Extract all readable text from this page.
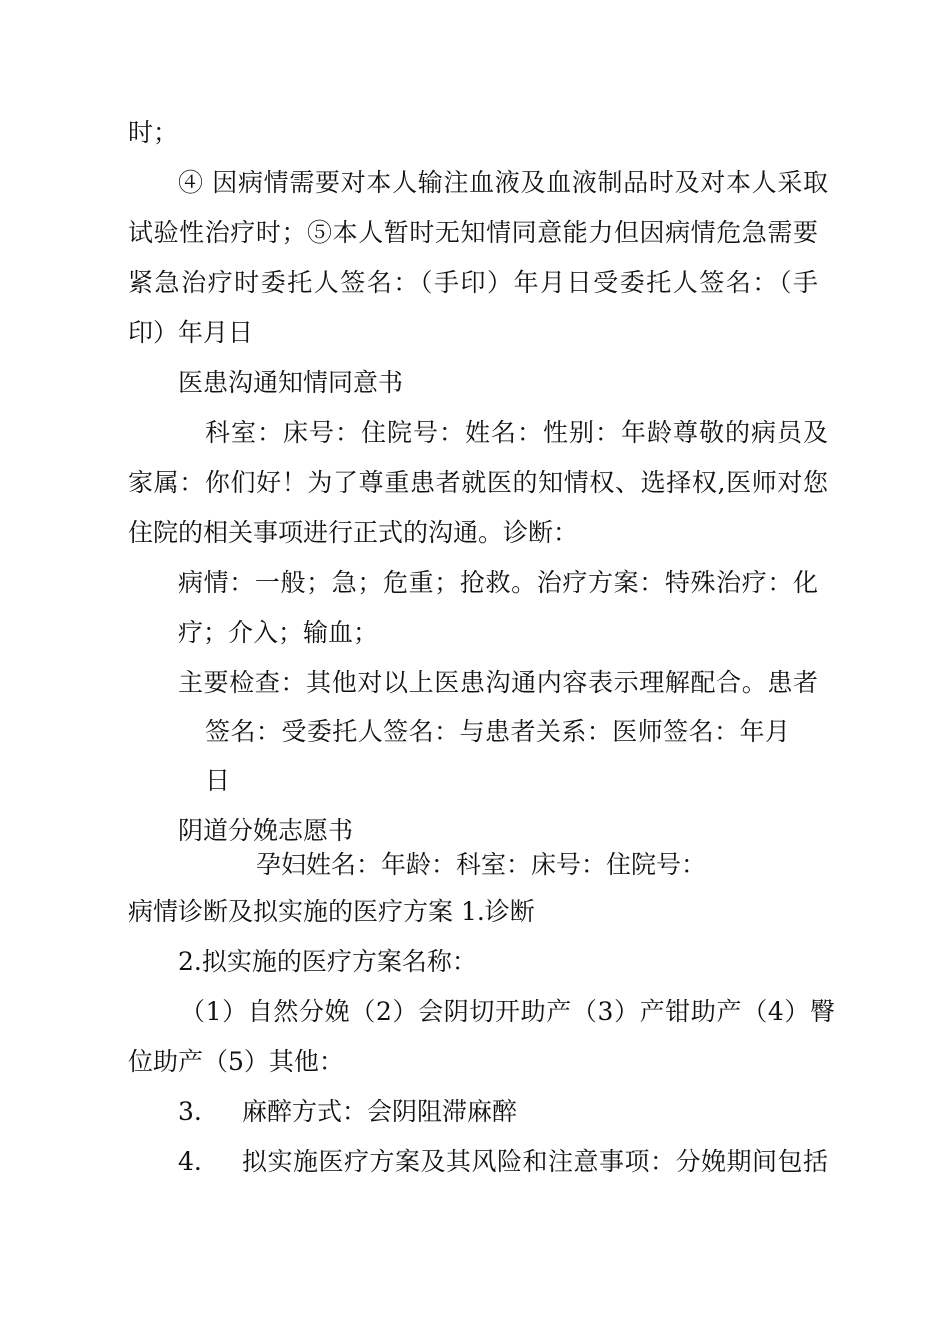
时；
④ 因病情需要对本人输注血液及血液制品时及对本人采取
试验性治疗时；⑤本人暂时无知情同意能力但因病情危急需要
紧急治疗时委托人签名：（手印）年月日受委托人签名：（手
印）年月日
医患沟通知情同意书
科室：床号：住院号：姓名：性别：年龄尊敬的病员及
家属：你们好！为了尊重患者就医的知情权、选择权,医师对您
住院的相关事项进行正式的沟通。诊断：
病情：一般；急；危重；抢救。治疗方案：特殊治疗：化
疗；介入；输血；
主要检查：其他对以上医患沟通内容表示理解配合。患者
签名：受委托人签名：与患者关系：医师签名：年月
日
阴道分娩志愿书
孕妇姓名：年龄：科室：床号：住院号：
病情诊断及拟实施的医疗方案 1.诊断
2.拟实施的医疗方案名称：
（1）自然分娩（2）会阴切开助产（3）产钳助产（4）臀
位助产（5）其他：
3. 麻醉方式：会阴阻滞麻醉
4. 拟实施医疗方案及其风险和注意事项：分娩期间包括
